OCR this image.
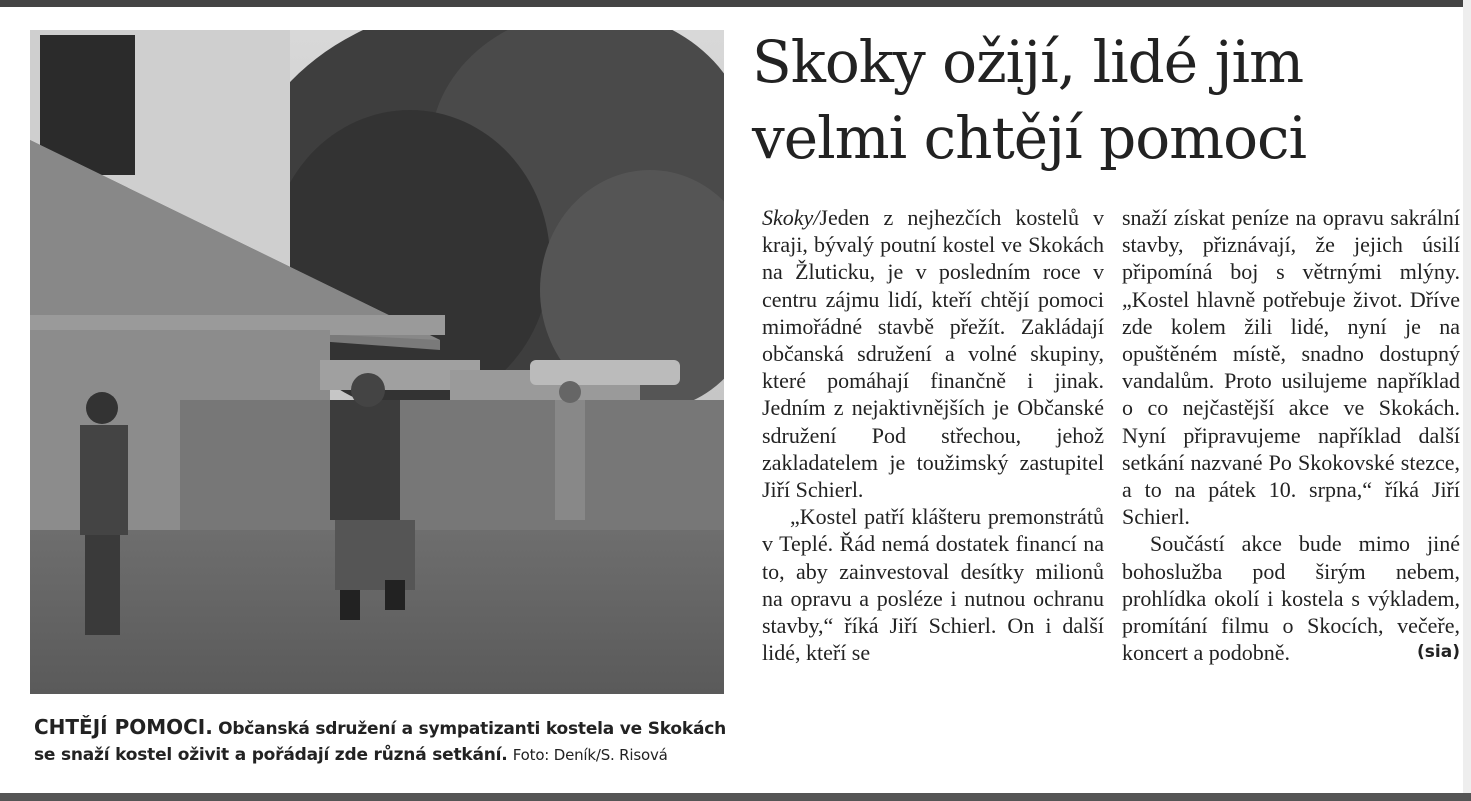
CHTĚJÍ POMOCI. Občanská sdružení a sympatizanti kostela ve Skokách se snaží kostel oživit a pořádají zde různá setkání. Foto: Deník/S. Risová
Skoky ožijí, lidé jim
velmi chtějí pomoci

Skoky/Jeden z nejhezčích kostelů v kraji, bývalý poutní kostel ve Skokách na Žluticku, je v posledním roce v centru zájmu lidí, kteří chtějí pomoci mimořádné stavbě přežít. Zakládají občanská sdružení a volné skupiny, které pomáhají finančně i jinak. Jedním z nejaktivnějších je Občanské sdružení Pod střechou, jehož zakladatelem je toužimský zastupitel Jiří Schierl.

„Kostel patří klášteru premonstrátů v Teplé. Řád nemá dostatek financí na to, aby zainvestoval desítky milionů na opravu a posléze i nutnou ochranu stavby,“ říká Jiří Schierl. On i další lidé, kteří se

snaží získat peníze na opravu sakrální stavby, přiznávají, že jejich úsilí připomíná boj s větrnými mlýny. „Kostel hlavně potřebuje život. Dříve zde kolem žili lidé, nyní je na opuštěném místě, snadno dostupný vandalům. Proto usilujeme například o co nejčastější akce ve Skokách. Nyní připravujeme například další setkání nazvané Po Skokovské stezce, a to na pátek 10. srpna,“ říká Jiří Schierl.

Součástí akce bude mimo jiné bohoslužba pod širým nebem, prohlídka okolí i kostela s výkladem, promítání filmu o Skocích, večeře, koncert a podobně.	(sia)
